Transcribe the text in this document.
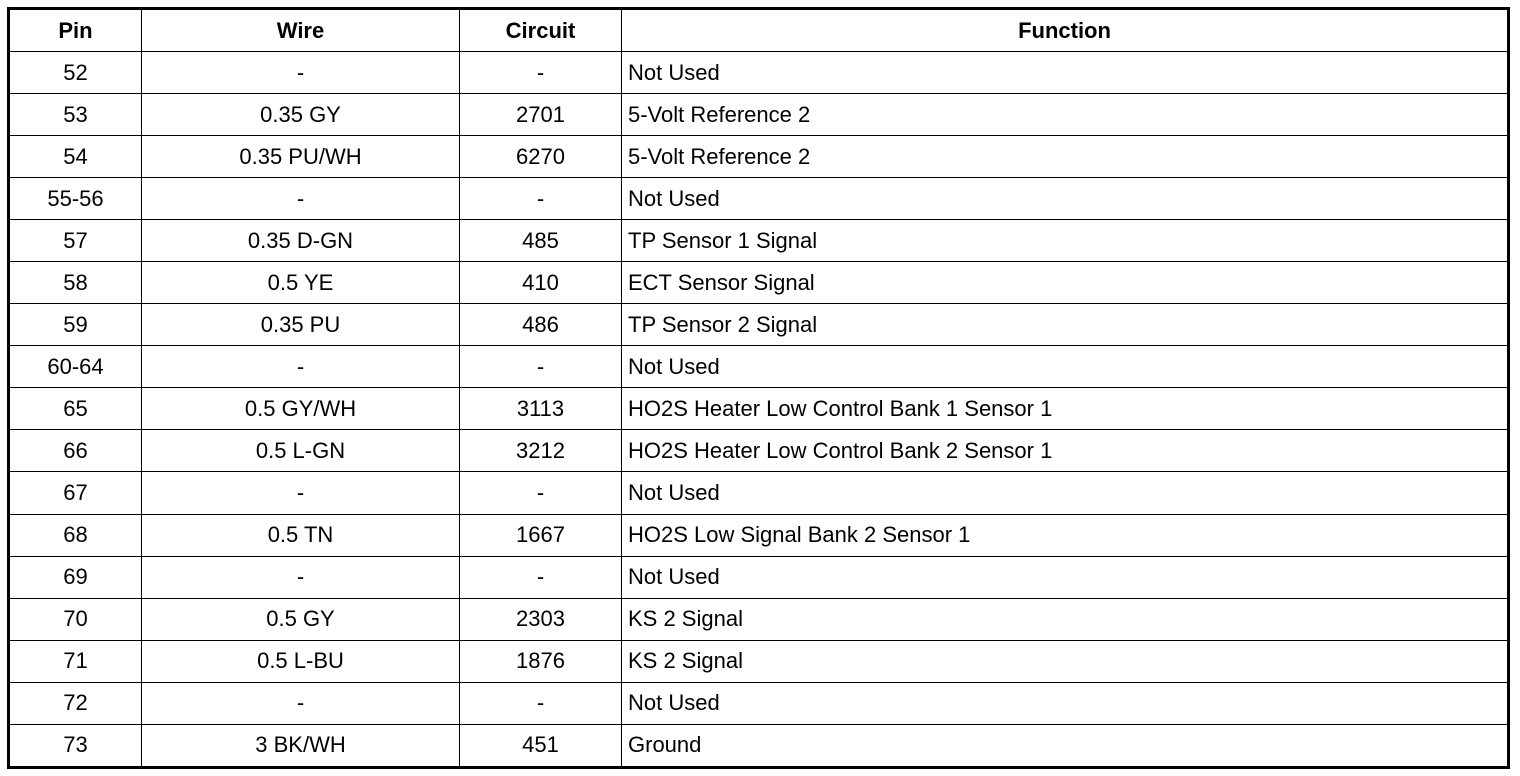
Pin	Wire	Circuit	Function
52	-	-	Not Used
53	0.35 GY	2701	5-Volt Reference 2
54	0.35 PU/WH	6270	5-Volt Reference 2
55-56	-	-	Not Used
57	0.35 D-GN	485	TP Sensor 1 Signal
58	0.5 YE	410	ECT Sensor Signal
59	0.35 PU	486	TP Sensor 2 Signal
60-64	-	-	Not Used
65	0.5 GY/WH	3113	HO2S Heater Low Control Bank 1 Sensor 1
66	0.5 L-GN	3212	HO2S Heater Low Control Bank 2 Sensor 1
67	-	-	Not Used
68	0.5 TN	1667	HO2S Low Signal Bank 2 Sensor 1
69	-	-	Not Used
70	0.5 GY	2303	KS 2 Signal
71	0.5 L-BU	1876	KS 2 Signal
72	-	-	Not Used
73	3 BK/WH	451	Ground
